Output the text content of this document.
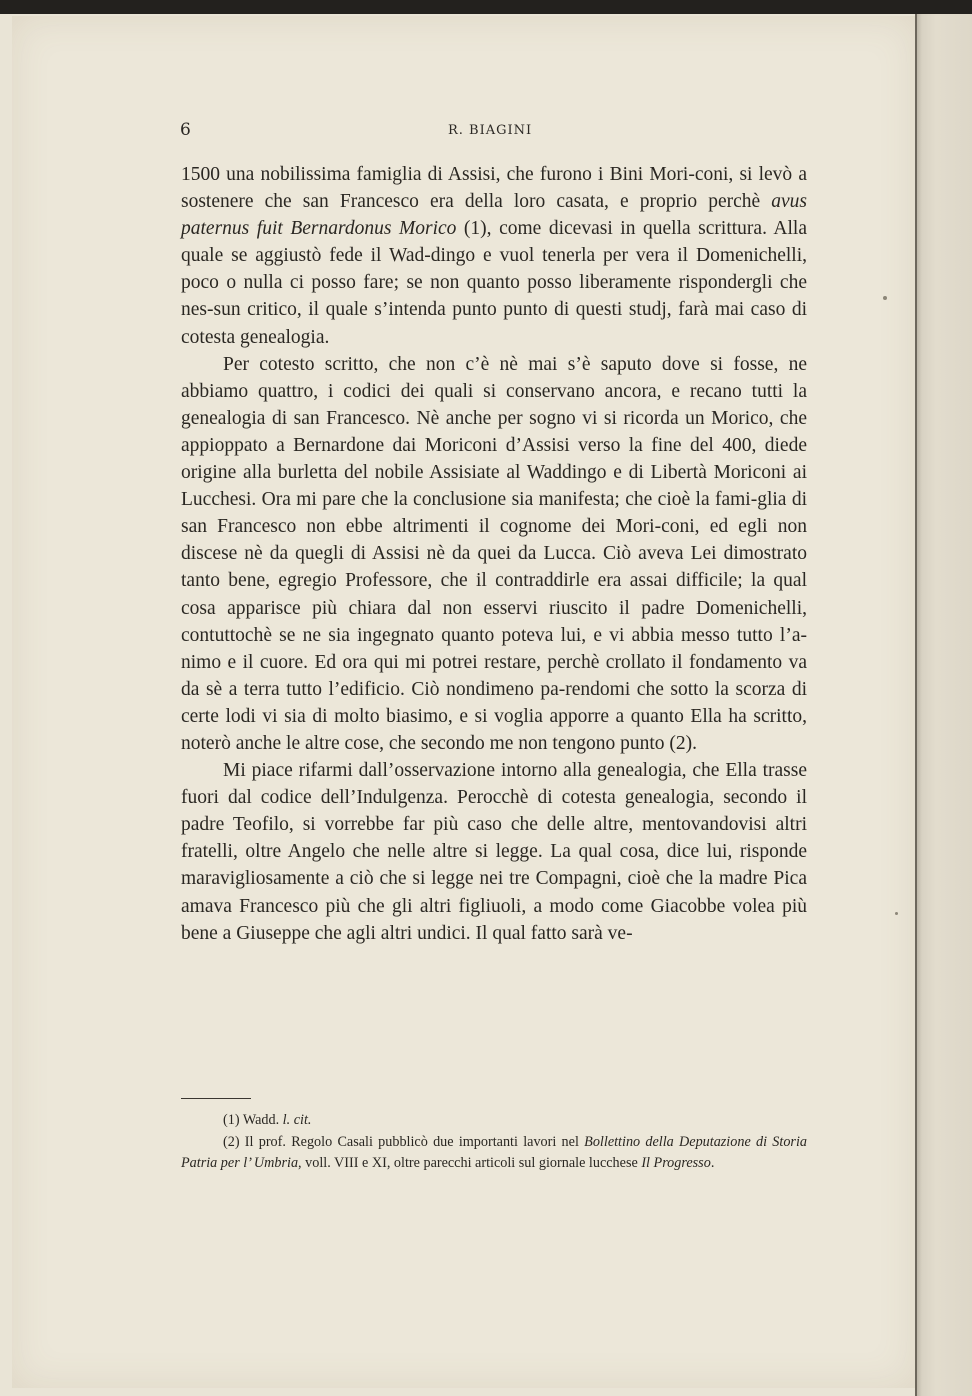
6	R. BIAGINI

1500 una nobilissima famiglia di Assisi, che furono i Bini Mori-coni, si levò a sostenere che san Francesco era della loro casata, e proprio perchè avus paternus fuit Bernardonus Morico (1), come dicevasi in quella scrittura. Alla quale se aggiustò fede il Wad-dingo e vuol tenerla per vera il Domenichelli, poco o nulla ci posso fare; se non quanto posso liberamente rispondergli che nes-sun critico, il quale s’intenda punto punto di questi studj, farà mai caso di cotesta genealogia.

Per cotesto scritto, che non c’è nè mai s’è saputo dove si fosse, ne abbiamo quattro, i codici dei quali si conservano ancora, e recano tutti la genealogia di san Francesco. Nè anche per sogno vi si ricorda un Morico, che appioppato a Bernardone dai Moriconi d’Assisi verso la fine del 400, diede origine alla burletta del nobile Assisiate al Waddingo e di Libertà Moriconi ai Lucchesi. Ora mi pare che la conclusione sia manifesta; che cioè la fami-glia di san Francesco non ebbe altrimenti il cognome dei Mori-coni, ed egli non discese nè da quegli di Assisi nè da quei da Lucca. Ciò aveva Lei dimostrato tanto bene, egregio Professore, che il contraddirle era assai difficile; la qual cosa apparisce più chiara dal non esservi riuscito il padre Domenichelli, contuttochè se ne sia ingegnato quanto poteva lui, e vi abbia messo tutto l’a-nimo e il cuore. Ed ora qui mi potrei restare, perchè crollato il fondamento va da sè a terra tutto l’edificio. Ciò nondimeno pa-rendomi che sotto la scorza di certe lodi vi sia di molto biasimo, e si voglia apporre a quanto Ella ha scritto, noterò anche le altre cose, che secondo me non tengono punto (2).

Mi piace rifarmi dall’osservazione intorno alla genealogia, che Ella trasse fuori dal codice dell’Indulgenza. Perocchè di cotesta genealogia, secondo il padre Teofilo, si vorrebbe far più caso che delle altre, mentovandovisi altri fratelli, oltre Angelo che nelle altre si legge. La qual cosa, dice lui, risponde maravigliosamente a ciò che si legge nei tre Compagni, cioè che la madre Pica amava Francesco più che gli altri figliuoli, a modo come Giacobbe volea più bene a Giuseppe che agli altri undici. Il qual fatto sarà ve-

(1) Wadd. l. cit.

(2) Il prof. Regolo Casali pubblicò due importanti lavori nel Bollettino della Deputazione di Storia Patria per l’ Umbria, voll. VIII e XI, oltre parecchi articoli sul giornale lucchese Il Progresso.
